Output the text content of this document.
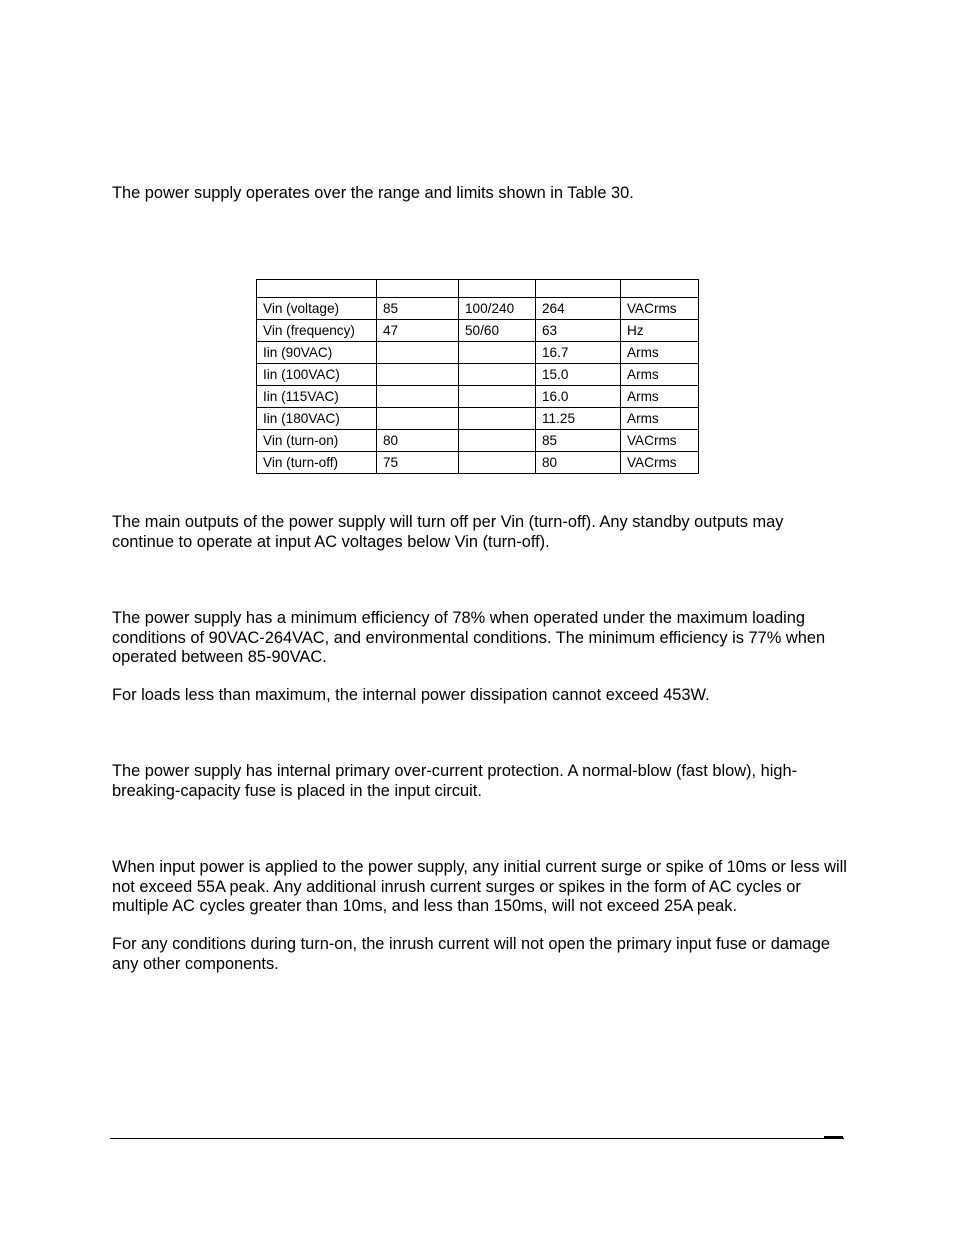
The power supply operates over the range and limits shown in Table 30.

Vin (voltage)	85	100/240	264	VACrms
Vin (frequency)	47	50/60	63	Hz
Iin (90VAC)			16.7	Arms
Iin (100VAC)			15.0	Arms
Iin (115VAC)			16.0	Arms
Iin (180VAC)			11.25	Arms
Vin (turn-on)	80		85	VACrms
Vin (turn-off)	75		80	VACrms

The main outputs of the power supply will turn off per Vin (turn-off). Any standby outputs may continue to operate at input AC voltages below Vin (turn-off).

The power supply has a minimum efficiency of 78% when operated under the maximum loading conditions of 90VAC-264VAC, and environmental conditions. The minimum efficiency is 77% when operated between 85-90VAC.

For loads less than maximum, the internal power dissipation cannot exceed 453W.

The power supply has internal primary over-current protection. A normal-blow (fast blow), high-breaking-capacity fuse is placed in the input circuit.

When input power is applied to the power supply, any initial current surge or spike of 10ms or less will not exceed 55A peak. Any additional inrush current surges or spikes in the form of AC cycles or multiple AC cycles greater than 10ms, and less than 150ms, will not exceed 25A peak.

For any conditions during turn-on, the inrush current will not open the primary input fuse or damage any other components.
